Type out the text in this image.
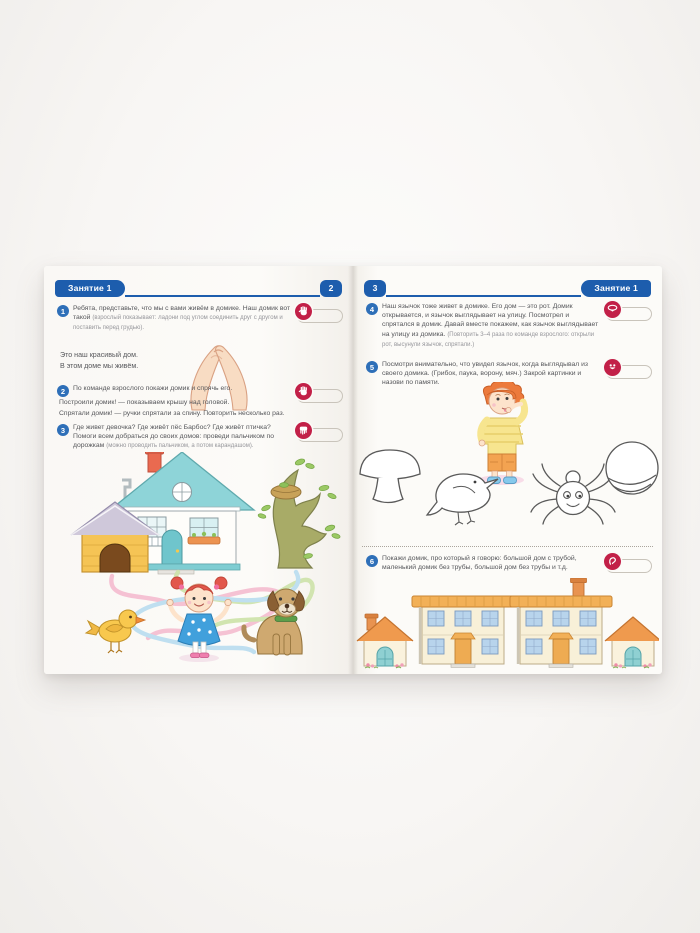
Занятие 1	2
1	Ребята, представьте, что мы с вами живём в домике. Наш домик вот такой (взрослый показывает: ладони под углом соединить друг с другом и поставить перед грудью).
Это наш красивый дом.
В этом доме мы живём.
2	По команде взрослого покажи домик и спрячь его.
Построили домик! — показываем крышу над головой.
Спрятали домик! — ручки спрятали за спину. Повторить несколько раз.
3	Где живет девочка? Где живёт пёс Барбос? Где живёт птичка? Помоги всем добраться до своих домов: проведи пальчиком по дорожкам (можно проводить пальчиком, а потом карандашом).
3	Занятие 1
4	Наш язычок тоже живет в домике. Его дом — это рот. Домик открывается, и язычок выглядывает на улицу. Посмотрел и спрятался в домик. Давай вместе покажем, как язычок выглядывает на улицу из домика. (Повторить 3–4 раза по команде взрослого: открыли рот, высунули язычок, спрятали.)
5	Посмотри внимательно, что увидел язычок, когда выглядывал из своего домика. (Грибок, паука, ворону, мяч.) Закрой картинки и назови по памяти.
6	Покажи домик, про который я говорю: большой дом с трубой, маленький домик без трубы, большой дом без трубы и т.д.
